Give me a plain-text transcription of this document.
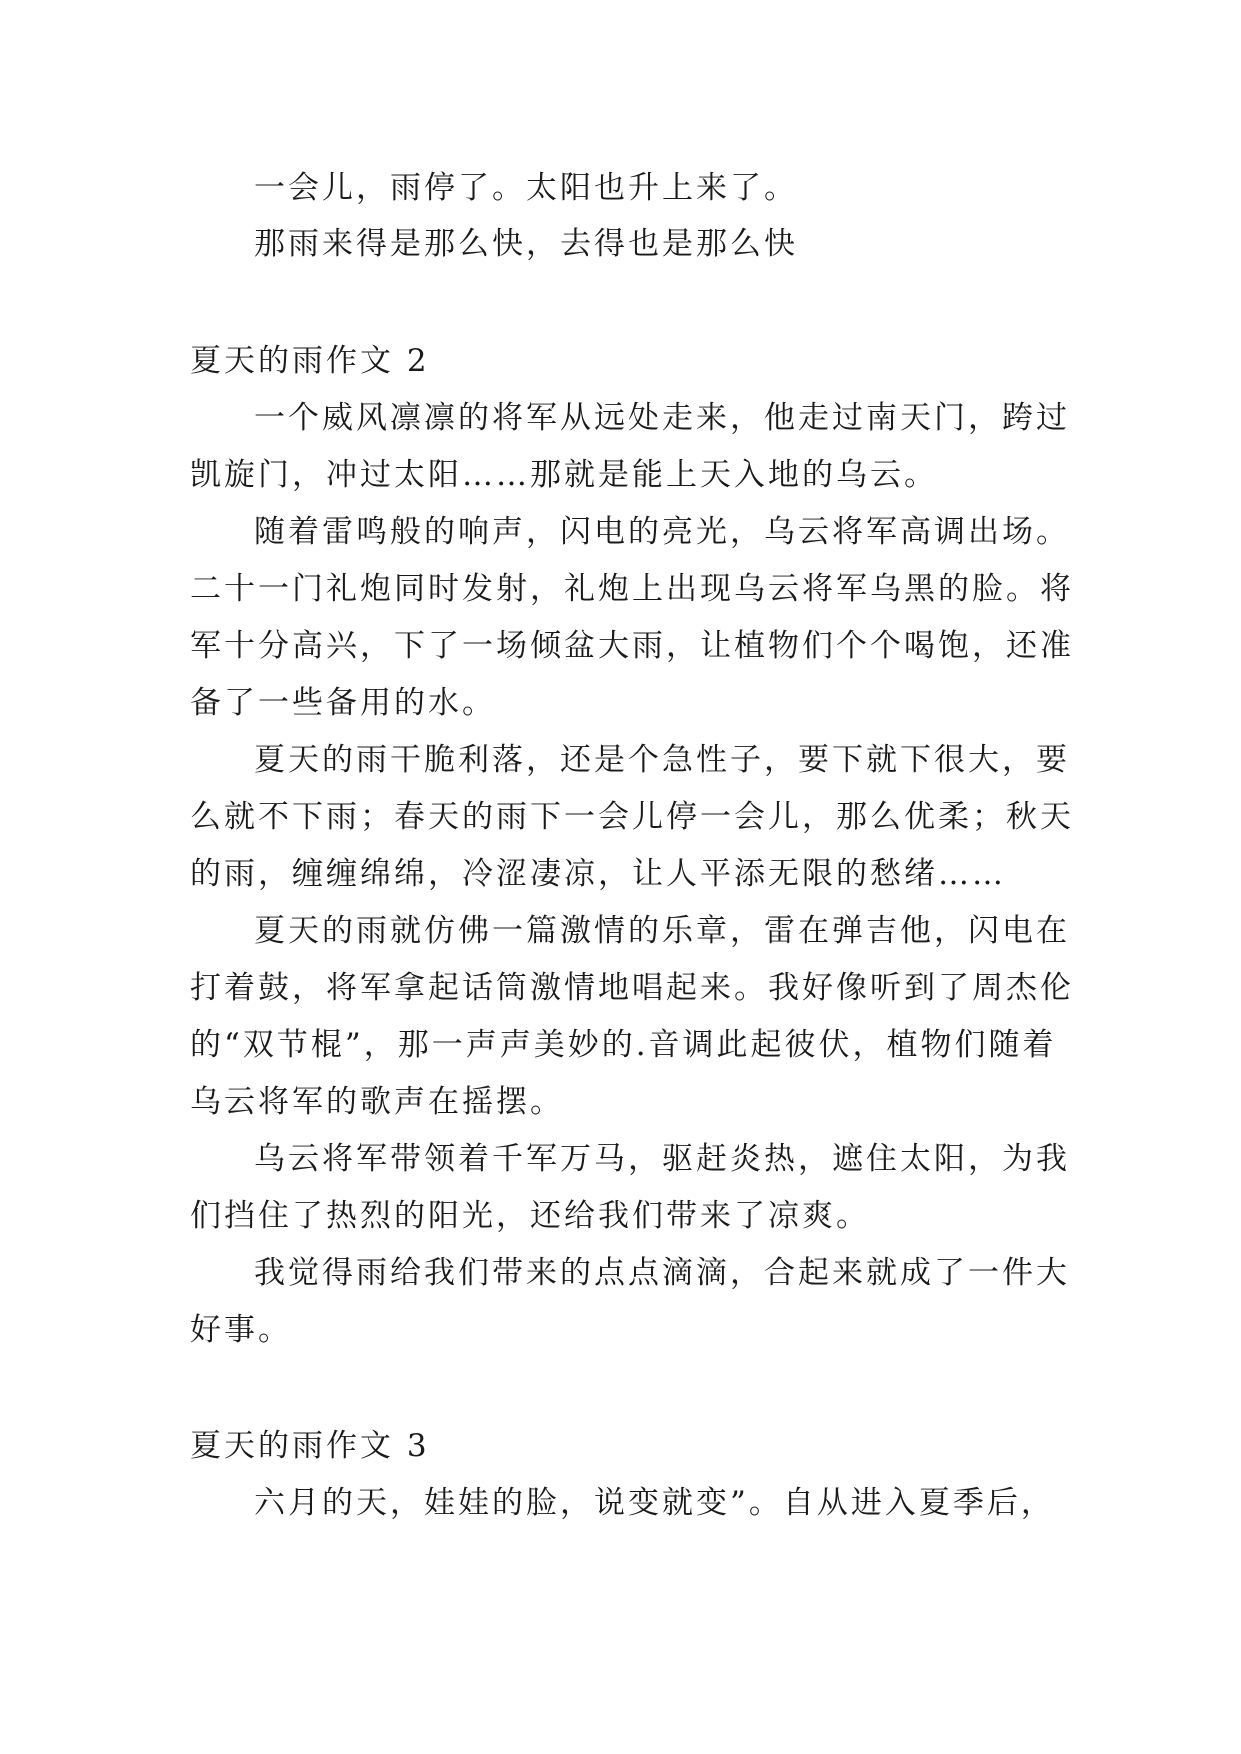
一会儿，雨停了。太阳也升上来了。
那雨来得是那么快，去得也是那么快
夏天的雨作文 2
一个威风凛凛的将军从远处走来，他走过南天门，跨过
凯旋门，冲过太阳……那就是能上天入地的乌云。
随着雷鸣般的响声，闪电的亮光，乌云将军高调出场。
二十一门礼炮同时发射，礼炮上出现乌云将军乌黑的脸。将
军十分高兴，下了一场倾盆大雨，让植物们个个喝饱，还准
备了一些备用的水。
夏天的雨干脆利落，还是个急性子，要下就下很大，要
么就不下雨；春天的雨下一会儿停一会儿，那么优柔；秋天
的雨，缠缠绵绵，冷涩凄凉，让人平添无限的愁绪……
夏天的雨就仿佛一篇激情的乐章，雷在弹吉他，闪电在
打着鼓，将军拿起话筒激情地唱起来。我好像听到了周杰伦
的“双节棍”，那一声声美妙的.音调此起彼伏，植物们随着
乌云将军的歌声在摇摆。
乌云将军带领着千军万马，驱赶炎热，遮住太阳，为我
们挡住了热烈的阳光，还给我们带来了凉爽。
我觉得雨给我们带来的点点滴滴，合起来就成了一件大
好事。
夏天的雨作文 3
六月的天，娃娃的脸，说变就变”。自从进入夏季后，
